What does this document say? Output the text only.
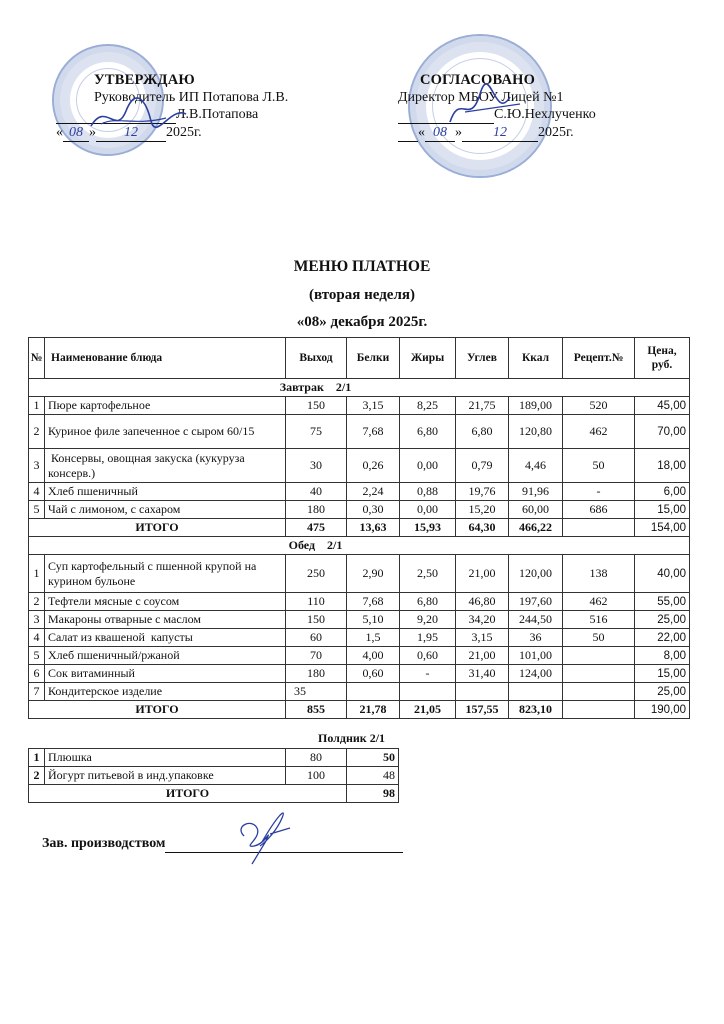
УТВЕРЖДАЮ
Руководитель ИП Потапова Л.В.
Л.В.Потапова
« 08 » 12 2025г.
СОГЛАСОВАНО
Директор МБОУ Лицей №1
С.Ю.Нехлученко
« 08 » 12 2025г.
МЕНЮ ПЛАТНОЕ
(вторая неделя)
«08» декабря 2025г.
№	Наименование блюда	Выход	Белки	Жиры	Углев	Ккал	Рецепт.№	Цена, руб.
Завтрак    2/1								
1	Пюре картофельное	150	3,15	8,25	21,75	189,00	520	45,00
2	Куриное филе запеченное с сыром 60/15	75	7,68	6,80	6,80	120,80	462	70,00
3	Консервы, овощная закуска (кукуруза консерв.)	30	0,26	0,00	0,79	4,46	50	18,00
4	Хлеб пшеничный	40	2,24	0,88	19,76	91,96	-	6,00
5	Чай с лимоном, с сахаром	180	0,30	0,00	15,20	60,00	686	15,00
ИТОГО		475	13,63	15,93	64,30	466,22		154,00
Обед    2/1								
1	Суп картофельный с пшенной крупой на курином бульоне	250	2,90	2,50	21,00	120,00	138	40,00
2	Тефтели мясные с соусом	110	7,68	6,80	46,80	197,60	462	55,00
3	Макароны отварные с маслом	150	5,10	9,20	34,20	244,50	516	25,00
4	Салат из квашеной  капусты	60	1,5	1,95	3,15	36	50	22,00
5	Хлеб пшеничный/ржаной	70	4,00	0,60	21,00	101,00		8,00
6	Сок витаминный	180	0,60	-	31,40	124,00		15,00
7	Кондитерское изделие	35						25,00
ИТОГО		855	21,78	21,05	157,55	823,10		190,00
Полдник 2/1
1	Плюшка	80	50
2	Йогурт питьевой в инд.упаковке	100	48
ИТОГО			98
Зав. производством
